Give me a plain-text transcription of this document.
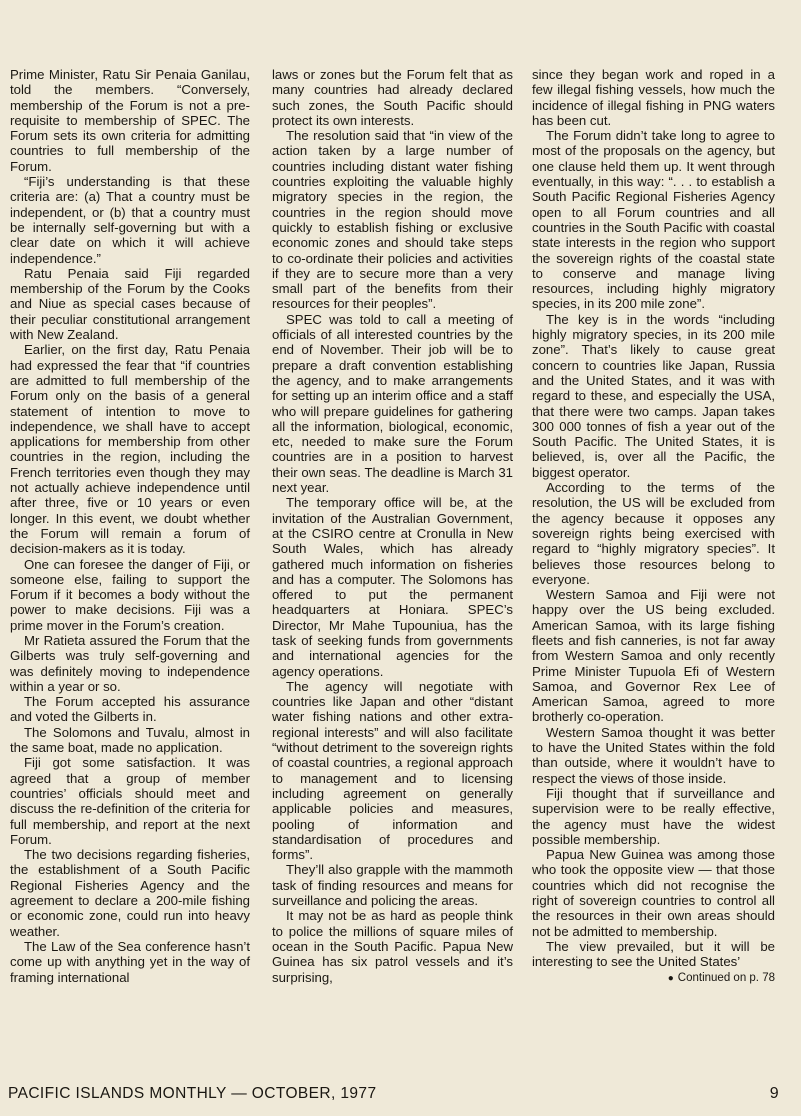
Prime Minister, Ratu Sir Penaia Ganilau, told the members. “Conversely, membership of the Forum is not a pre-requisite to membership of SPEC. The Forum sets its own criteria for admitting countries to full membership of the Forum.

“Fiji’s understanding is that these criteria are: (a) That a country must be independent, or (b) that a country must be internally self-governing but with a clear date on which it will achieve independence.”

Ratu Penaia said Fiji regarded membership of the Forum by the Cooks and Niue as special cases because of their peculiar constitutional arrangement with New Zealand.

Earlier, on the first day, Ratu Penaia had expressed the fear that “if countries are admitted to full membership of the Forum only on the basis of a general statement of intention to move to independence, we shall have to accept applications for membership from other countries in the region, including the French territories even though they may not actually achieve independence until after three, five or 10 years or even longer. In this event, we doubt whether the Forum will remain a forum of decision-makers as it is today.

One can foresee the danger of Fiji, or someone else, failing to support the Forum if it becomes a body without the power to make decisions. Fiji was a prime mover in the Forum’s creation.

Mr Ratieta assured the Forum that the Gilberts was truly self-governing and was definitely moving to independence within a year or so.

The Forum accepted his assurance and voted the Gilberts in.

The Solomons and Tuvalu, almost in the same boat, made no application.

Fiji got some satisfaction. It was agreed that a group of member countries’ officials should meet and discuss the re-definition of the criteria for full membership, and report at the next Forum.

The two decisions regarding fisheries, the establishment of a South Pacific Regional Fisheries Agency and the agreement to declare a 200-mile fishing or economic zone, could run into heavy weather.

The Law of the Sea conference hasn’t come up with anything yet in the way of framing international

laws or zones but the Forum felt that as many countries had already declared such zones, the South Pacific should protect its own interests.

The resolution said that “in view of the action taken by a large number of countries including distant water fishing countries exploiting the valuable highly migratory species in the region, the countries in the region should move quickly to establish fishing or exclusive economic zones and should take steps to co-ordinate their policies and activities if they are to secure more than a very small part of the benefits from their resources for their peoples”.

SPEC was told to call a meeting of officials of all interested countries by the end of November. Their job will be to prepare a draft convention establishing the agency, and to make arrangements for setting up an interim office and a staff who will prepare guidelines for gathering all the information, biological, economic, etc, needed to make sure the Forum countries are in a position to harvest their own seas. The deadline is March 31 next year.

The temporary office will be, at the invitation of the Australian Government, at the CSIRO centre at Cronulla in New South Wales, which has already gathered much information on fisheries and has a computer. The Solomons has offered to put the permanent headquarters at Honiara. SPEC’s Director, Mr Mahe Tupouniua, has the task of seeking funds from governments and international agencies for the agency operations.

The agency will negotiate with countries like Japan and other “distant water fishing nations and other extra-regional interests” and will also facilitate “without detriment to the sovereign rights of coastal countries, a regional approach to management and to licensing including agreement on generally applicable policies and measures, pooling of information and standardisation of procedures and forms”.

They’ll also grapple with the mammoth task of finding resources and means for surveillance and policing the areas.

It may not be as hard as people think to police the millions of square miles of ocean in the South Pacific. Papua New Guinea has six patrol vessels and it’s surprising,

since they began work and roped in a few illegal fishing vessels, how much the incidence of illegal fishing in PNG waters has been cut.

The Forum didn’t take long to agree to most of the proposals on the agency, but one clause held them up. It went through eventually, in this way: “. . . to establish a South Pacific Regional Fisheries Agency open to all Forum countries and all countries in the South Pacific with coastal state interests in the region who support the sovereign rights of the coastal state to conserve and manage living resources, including highly migratory species, in its 200 mile zone”.

The key is in the words “including highly migratory species, in its 200 mile zone”. That’s likely to cause great concern to countries like Japan, Russia and the United States, and it was with regard to these, and especially the USA, that there were two camps. Japan takes 300 000 tonnes of fish a year out of the South Pacific. The United States, it is believed, is, over all the Pacific, the biggest operator.

According to the terms of the resolution, the US will be excluded from the agency because it opposes any sovereign rights being exercised with regard to “highly migratory species”. It believes those resources belong to everyone.

Western Samoa and Fiji were not happy over the US being excluded. American Samoa, with its large fishing fleets and fish canneries, is not far away from Western Samoa and only recently Prime Minister Tupuola Efi of Western Samoa, and Governor Rex Lee of American Samoa, agreed to more brotherly co-operation.

Western Samoa thought it was better to have the United States within the fold than outside, where it wouldn’t have to respect the views of those inside.

Fiji thought that if surveillance and supervision were to be really effective, the agency must have the widest possible membership.

Papua New Guinea was among those who took the opposite view — that those countries which did not recognise the right of sovereign countries to control all the resources in their own areas should not be admitted to membership.

The view prevailed, but it will be interesting to see the United States’

● Continued on p. 78
PACIFIC ISLANDS MONTHLY — OCTOBER, 1977	9
